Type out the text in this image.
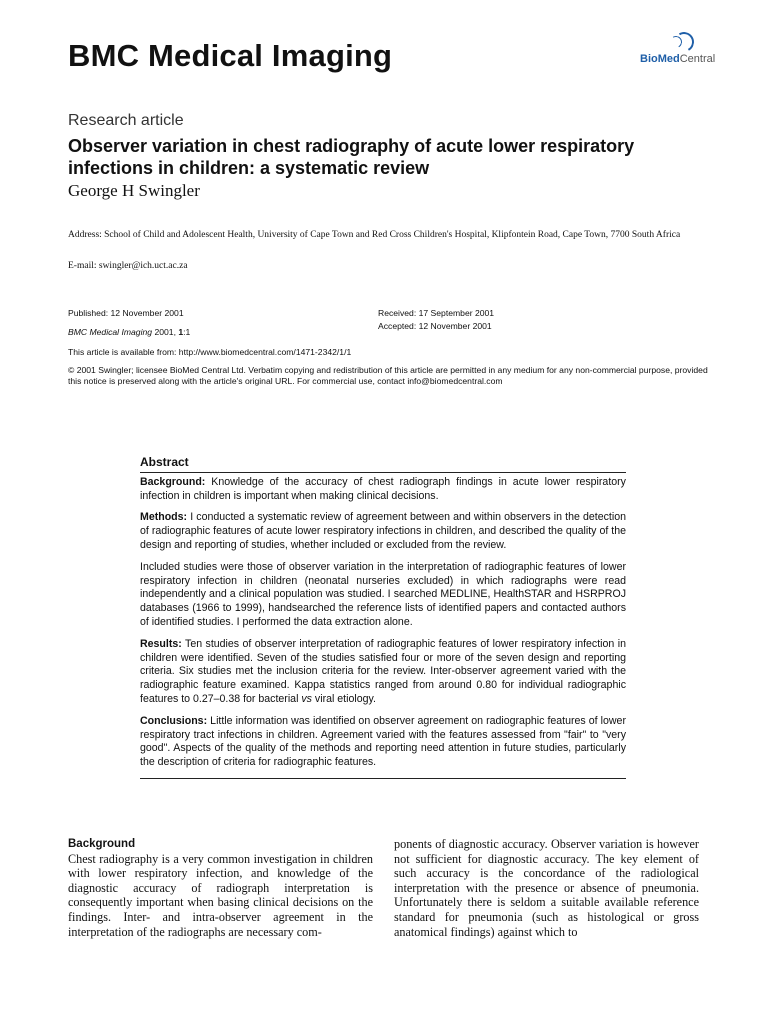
BMC Medical Imaging	BioMedCentral
Research article
Observer variation in chest radiography of acute lower respiratory infections in children: a systematic review
George H Swingler
Address: School of Child and Adolescent Health, University of Cape Town and Red Cross Children's Hospital, Klipfontein Road, Cape Town, 7700 South Africa
E-mail: swingler@ich.uct.ac.za
Published: 12 November 2001	Received: 17 September 2001
BMC Medical Imaging 2001, 1:1
Accepted: 12 November 2001
This article is available from: http://www.biomedcentral.com/1471-2342/1/1
© 2001 Swingler; licensee BioMed Central Ltd. Verbatim copying and redistribution of this article are permitted in any medium for any non-commercial purpose, provided this notice is preserved along with the article's original URL. For commercial use, contact info@biomedcentral.com
Abstract

Background: Knowledge of the accuracy of chest radiograph findings in acute lower respiratory infection in children is important when making clinical decisions.

Methods: I conducted a systematic review of agreement between and within observers in the detection of radiographic features of acute lower respiratory infections in children, and described the quality of the design and reporting of studies, whether included or excluded from the review.

Included studies were those of observer variation in the interpretation of radiographic features of lower respiratory infection in children (neonatal nurseries excluded) in which radiographs were read independently and a clinical population was studied. I searched MEDLINE, HealthSTAR and HSRPROJ databases (1966 to 1999), handsearched the reference lists of identified papers and contacted authors of identified studies. I performed the data extraction alone.

Results: Ten studies of observer interpretation of radiographic features of lower respiratory infection in children were identified. Seven of the studies satisfied four or more of the seven design and reporting criteria. Six studies met the inclusion criteria for the review. Inter-observer agreement varied with the radiographic feature examined. Kappa statistics ranged from around 0.80 for individual radiographic features to 0.27–0.38 for bacterial vs viral etiology.

Conclusions: Little information was identified on observer agreement on radiographic features of lower respiratory tract infections in children. Agreement varied with the features assessed from "fair" to "very good". Aspects of the quality of the methods and reporting need attention in future studies, particularly the description of criteria for radiographic features.

Background
Chest radiography is a very common investigation in children with lower respiratory infection, and knowledge of the diagnostic accuracy of radiograph interpretation is consequently important when basing clinical decisions on the findings. Inter- and intra-observer agreement in the interpretation of the radiographs are necessary com-
ponents of diagnostic accuracy. Observer variation is however not sufficient for diagnostic accuracy. The key element of such accuracy is the concordance of the radiological interpretation with the presence or absence of pneumonia. Unfortunately there is seldom a suitable available reference standard for pneumonia (such as histological or gross anatomical findings) against which to
